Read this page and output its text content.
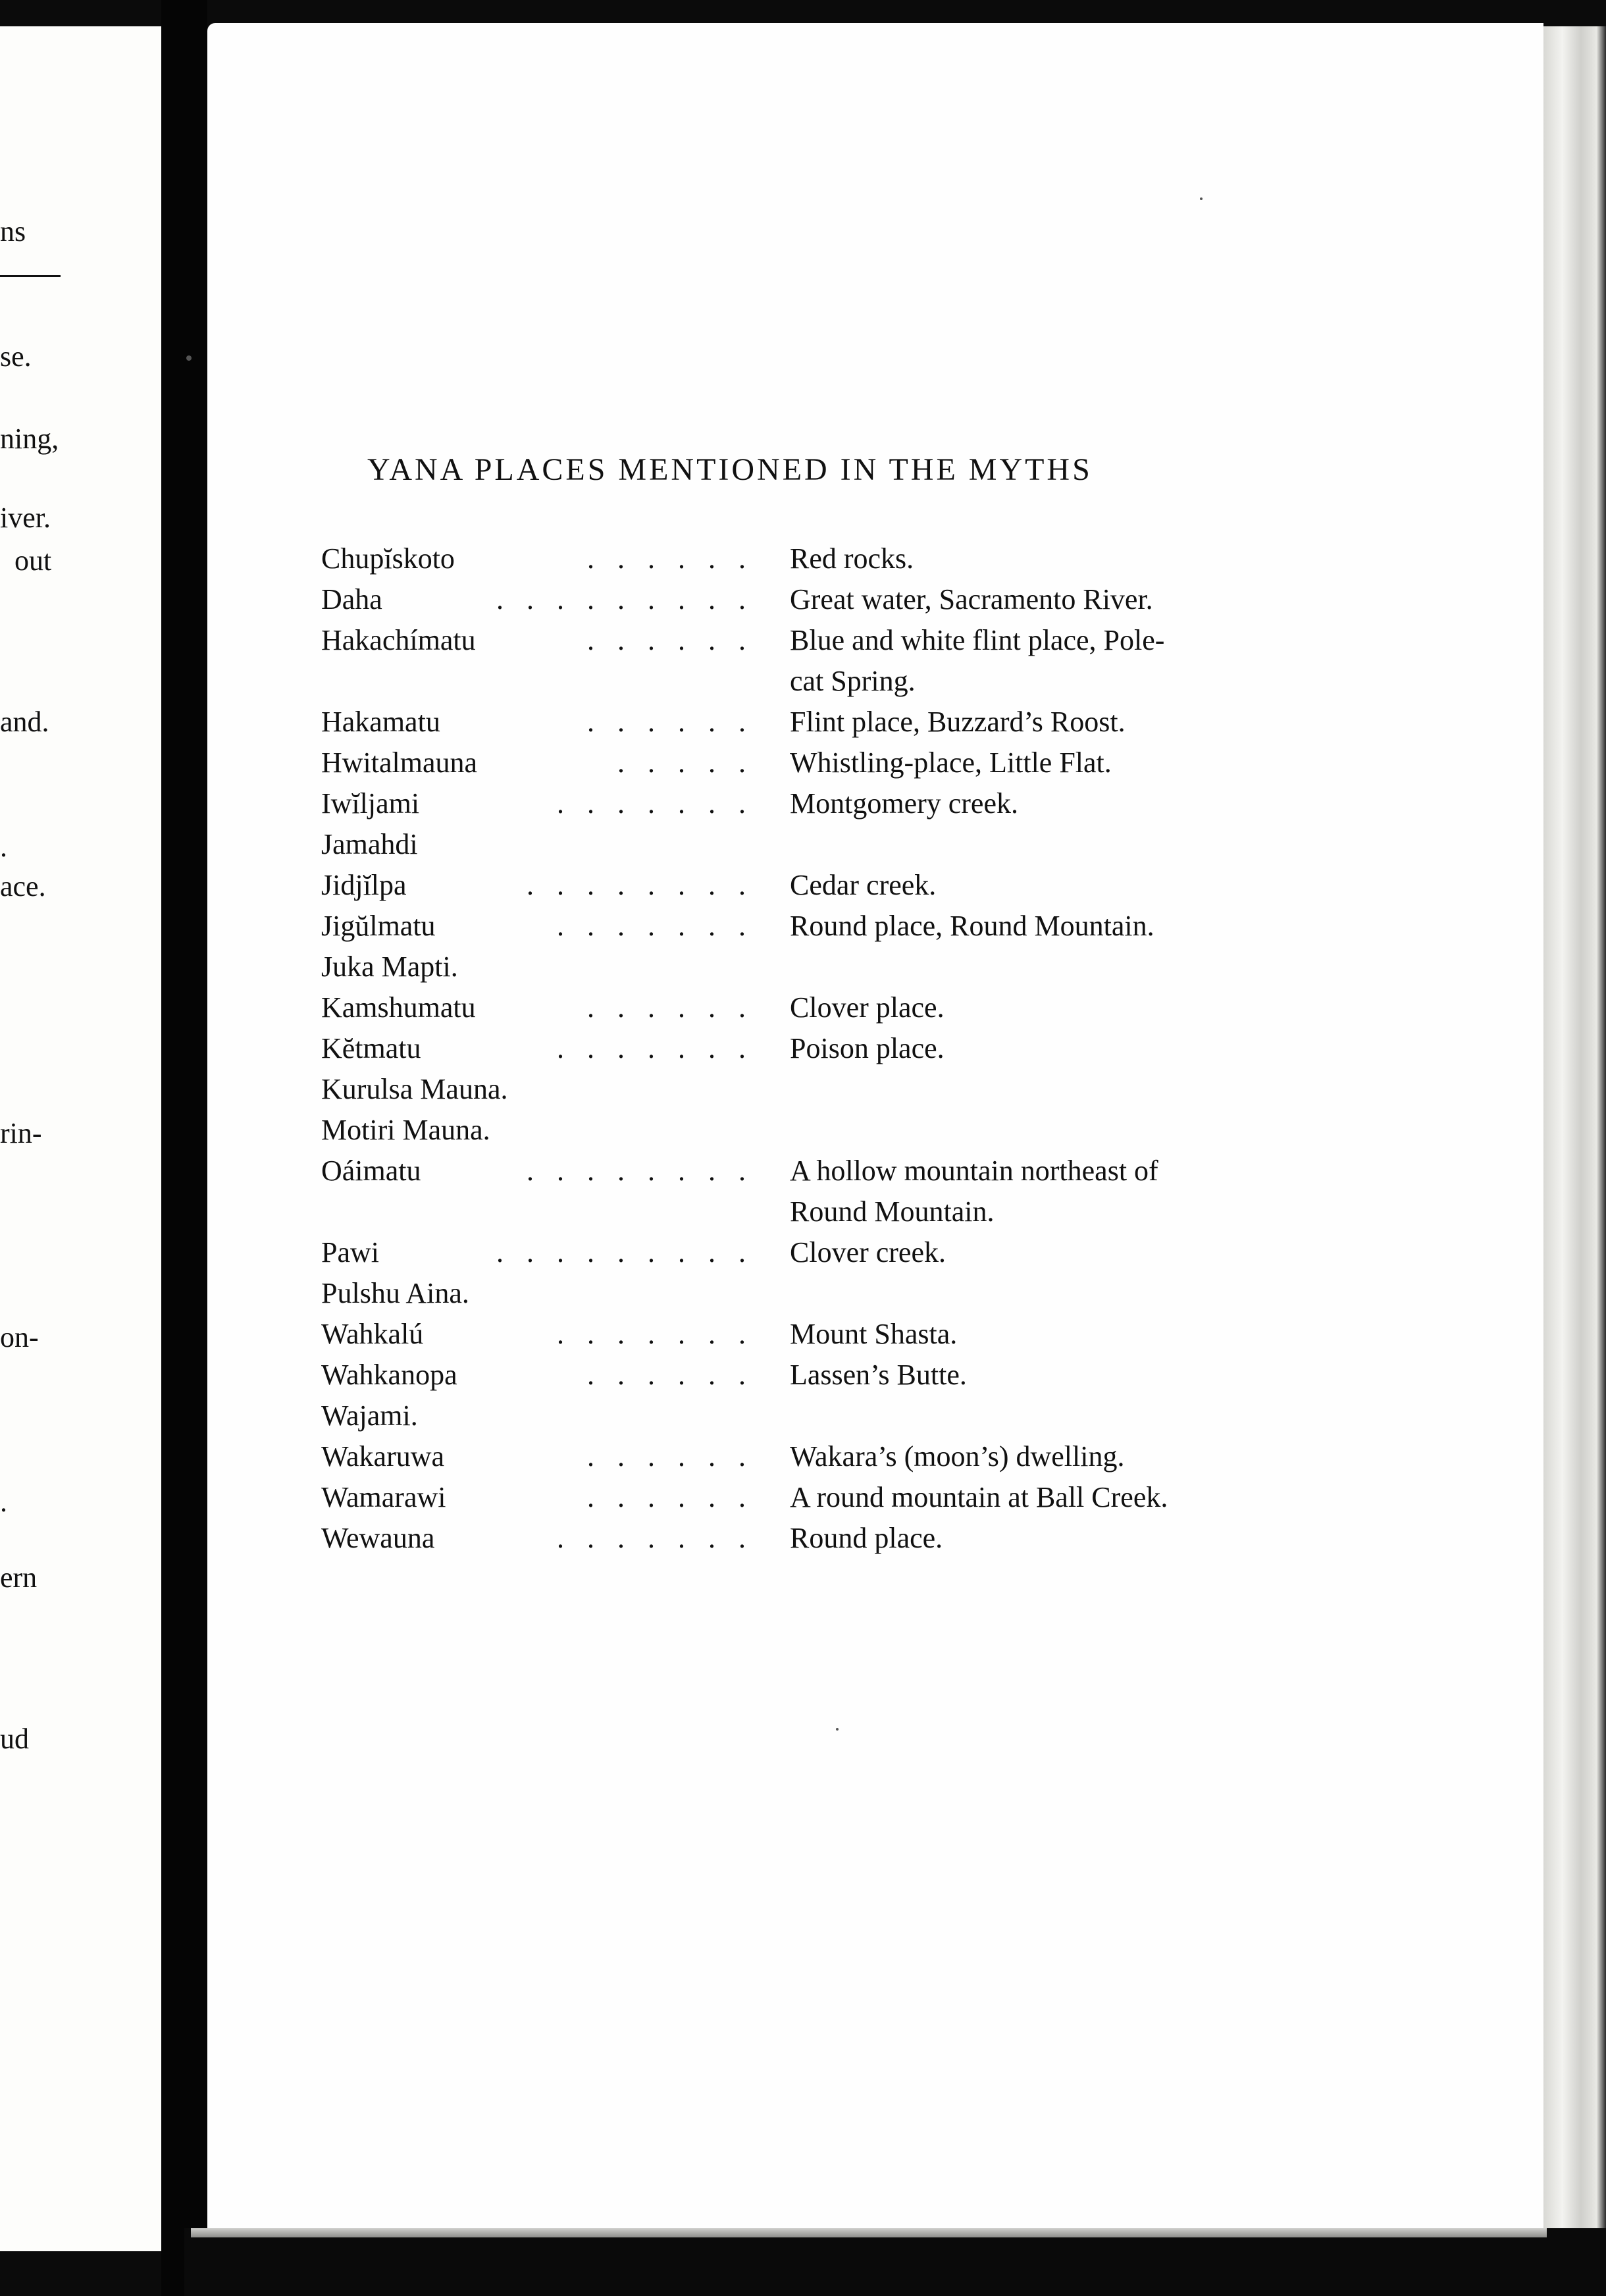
ns
se.
ning,
iver.
out
and.
.
ace.
rin-
on-
.
ern
ud
YANA PLACES MENTIONED IN THE MYTHS
Chupĭskoto	. . . . . . Red rocks.
Daha	. . . . . . . . . Great water, Sacramento River.
Hakachímatu	. . . . . . Blue and white flint place, Pole-
cat Spring.
Hakamatu	. . . . . . Flint place, Buzzard’s Roost.
Hwitalmauna	. . . . . Whistling-place, Little Flat.
Iwĭljami	. . . . . . . Montgomery creek.
Jamahdi
Jidjĭlpa	. . . . . . . . Cedar creek.
Jigŭlmatu	. . . . . . . Round place, Round Mountain.
Juka Mapti.
Kamshumatu	. . . . . . Clover place.
Kĕtmatu	. . . . . . . Poison place.
Kurulsa Mauna.
Motiri Mauna.
Oáimatu	. . . . . . . . A hollow mountain northeast of
Round Mountain.
Pawi	. . . . . . . . . Clover creek.
Pulshu Aina.
Wahkalú	. . . . . . . Mount Shasta.
Wahkanopa	. . . . . . Lassen’s Butte.
Wajami.
Wakaruwa	. . . . . . Wakara’s (moon’s) dwelling.
Wamarawi	. . . . . . A round mountain at Ball Creek.
Wewauna	. . . . . . . Round place.
